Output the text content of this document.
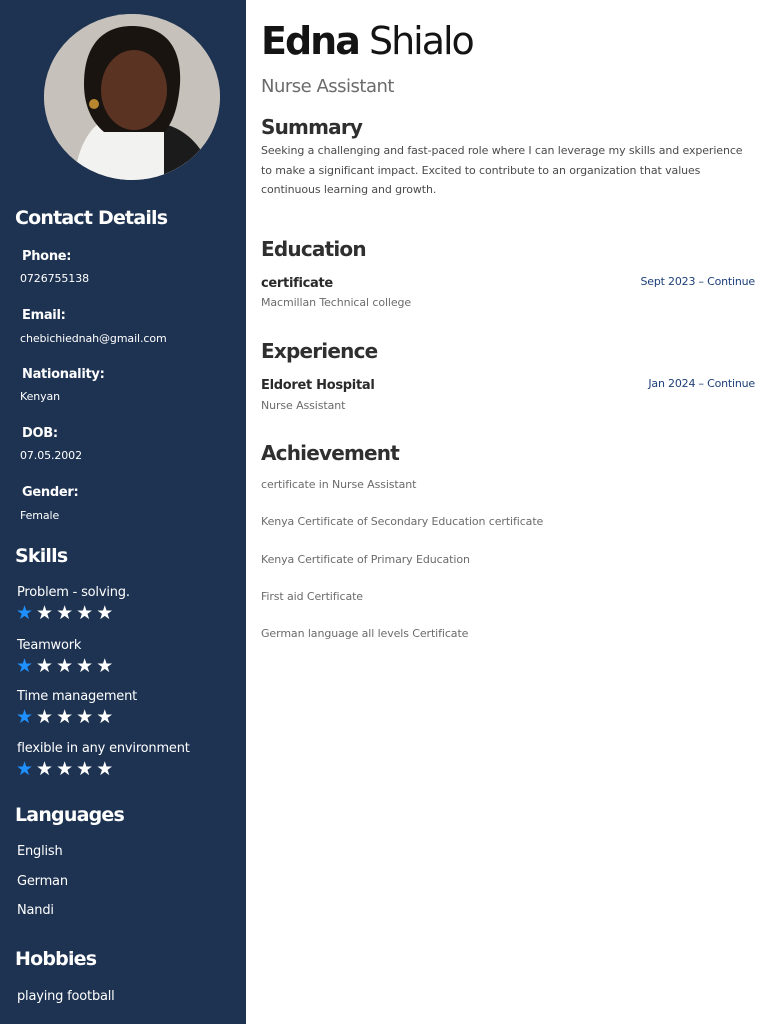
Contact Details
Phone:
0726755138
Email:
chebichiednah@gmail.com
Nationality:
Kenyan
DOB:
07.05.2002
Gender:
Female
Skills
Problem - solving.
★★★★★
Teamwork
★★★★★
Time management
★★★★★
flexible in any environment
★★★★★
Languages
English
German
Nandi
Hobbies
playing football
Edna Shialo
Nurse Assistant
Summary
Seeking a challenging and fast-paced role where I can leverage my skills and experience to make a significant impact. Excited to contribute to an organization that values continuous learning and growth.
Education
certificate	Sept 2023 – Continue
Macmillan Technical college
Experience
Eldoret Hospital	Jan 2024 – Continue
Nurse Assistant
Achievement
certificate in Nurse Assistant
Kenya Certificate of Secondary Education certificate
Kenya Certificate of Primary Education
First aid Certificate
German language all levels Certificate
